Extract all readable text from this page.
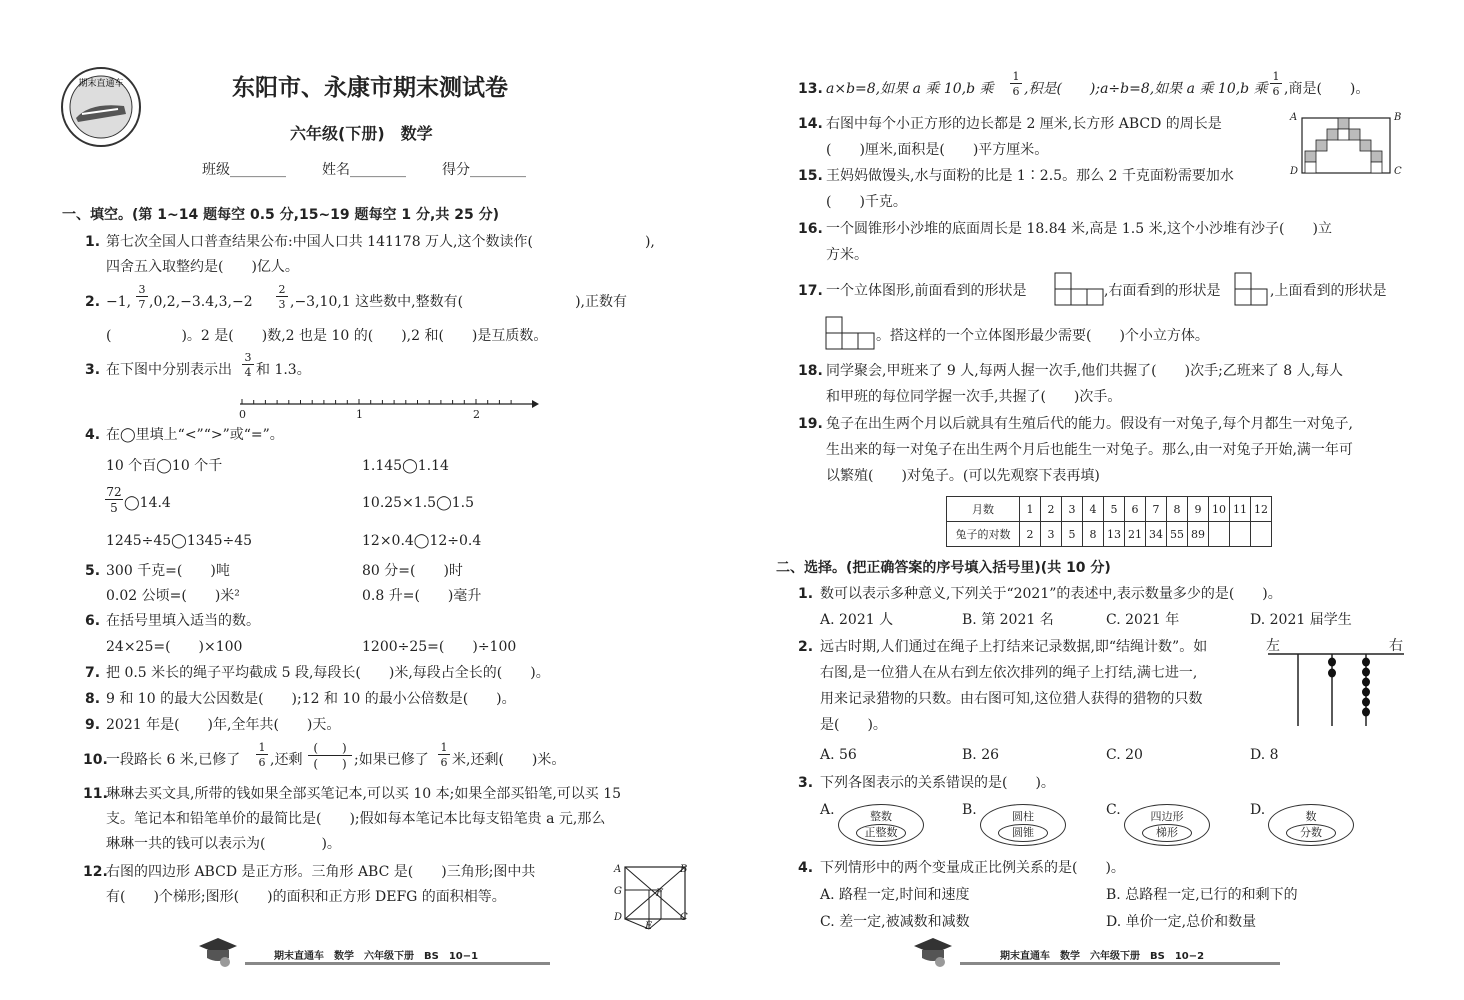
期末直通车	东阳市、永康市期末测试卷
六年级(下册)　数学
班级________	姓名________	得分________
一、填空。(第 1~14 题每空 0.5 分,15~19 题每空 1 分,共 25 分)
1. 第七次全国人口普查结果公布:中国人口共 141178 万人,这个数读作(　　　　　　　　),
四舍五入取整约是(　　)亿人。
2. −1,
3
7 ,0,2,−3.4,3,−2
2
3 ,−3,10,1 这些数中,整数有(　　　　　　　　),正数有
(　　　　　)。2 是(　　)数,2 也是 10 的(　　),2 和(　　)是互质数。
3. 在下图中分别表示出
3
4 和 1.3。
0	1	2
4. 在◯里填上“<”“>”或“=”。
10 个百◯10 个千	1.145◯1.14
72
5 ◯14.4	10.25×1.5◯1.5
1245÷45◯1345÷45	12×0.4◯12÷0.4
5. 300 千克=(　　)吨	80 分=(　　)时
0.02 公顷=(　　)米²	0.8 升=(　　)毫升
6. 在括号里填入适当的数。
24×25=(　　)×100	1200÷25=(　　)÷100
7. 把 0.5 米长的绳子平均截成 5 段,每段长(　　)米,每段占全长的(　　)。
8. 9 和 10 的最大公因数是(　　);12 和 10 的最小公倍数是(　　)。
9. 2021 年是(　　)年,全年共(　　)天。
10.
一段路长 6 米,已修了
1
6 ,还剩
(　　)
(　　) ;如果已修了
1
6 米,还剩(　　)米。
11.
琳琳去买文具,所带的钱如果全部买笔记本,可以买 10 本;如果全部买铅笔,可以买 15
支。笔记本和铅笔单价的最简比是(　　);假如每本笔记本比每支铅笔贵 a 元,那么
琳琳一共的钱可以表示为(　　　　)。
12.
右图的四边形 ABCD 是正方形。三角形 ABC 是(　　)三角形;图中共
有(　　)个梯形;图形(　　)的面积和正方形 DEFG 的面积相等。
A	B
G	F
D	C
E
期末直通车　数学　六年级下册　BS　10−1
13. a×b=8,如果 a 乘 10,b 乘
1
6 ,积是(　　);a÷b=8,如果 a 乘 10,b 乘
1
6 ,商是(　　)。
14. 右图中每个小正方形的边长都是 2 厘米,长方形 ABCD 的周长是
(　　)厘米,面积是(　　)平方厘米。
A	B
D	C
15. 王妈妈做馒头,水与面粉的比是 1∶2.5。那么 2 千克面粉需要加水
(　　)千克。
16. 一个圆锥形小沙堆的底面周长是 18.84 米,高是 1.5 米,这个小沙堆有沙子(　　)立
方米。
17. 一个立体图形,前面看到的形状是	,右面看到的形状是	,上面看到的形状是
。搭这样的一个立体图形最少需要(　　)个小立方体。
18. 同学聚会,甲班来了 9 人,每两人握一次手,他们共握了(　　)次手;乙班来了 8 人,每人
和甲班的每位同学握一次手,共握了(　　)次手。
19. 兔子在出生两个月以后就具有生殖后代的能力。假设有一对兔子,每个月都生一对兔子,
生出来的每一对兔子在出生两个月后也能生一对兔子。那么,由一对兔子开始,满一年可
以繁殖(　　)对兔子。(可以先观察下表再填)
月数	1	2	3	4	5	6	7	8	9	10	11	12
兔子的对数	2	3	5	8	13	21	34	55	89			
二、选择。(把正确答案的序号填入括号里)(共 10 分)
1. 数可以表示多种意义,下列关于“2021”的表述中,表示数量多少的是(　　)。
A. 2021 人	B. 第 2021 名	C. 2021 年	D. 2021 届学生
2. 远古时期,人们通过在绳子上打结来记录数据,即“结绳计数”。如
右图,是一位猎人在从右到左依次排列的绳子上打结,满七进一,
用来记录猎物的只数。由右图可知,这位猎人获得的猎物的只数
是(　　)。
A. 56	B. 26	C. 20	D. 8
左	右
3. 下列各图表示的关系错误的是(　　)。
A.	整数
正整数
B.	圆柱
圆锥
C.	四边形
梯形
D.	数
分数
4. 下列情形中的两个变量成正比例关系的是(　　)。
A. 路程一定,时间和速度	B. 总路程一定,已行的和剩下的
C. 差一定,被减数和减数	D. 单价一定,总价和数量
期末直通车　数学　六年级下册　BS　10−2
